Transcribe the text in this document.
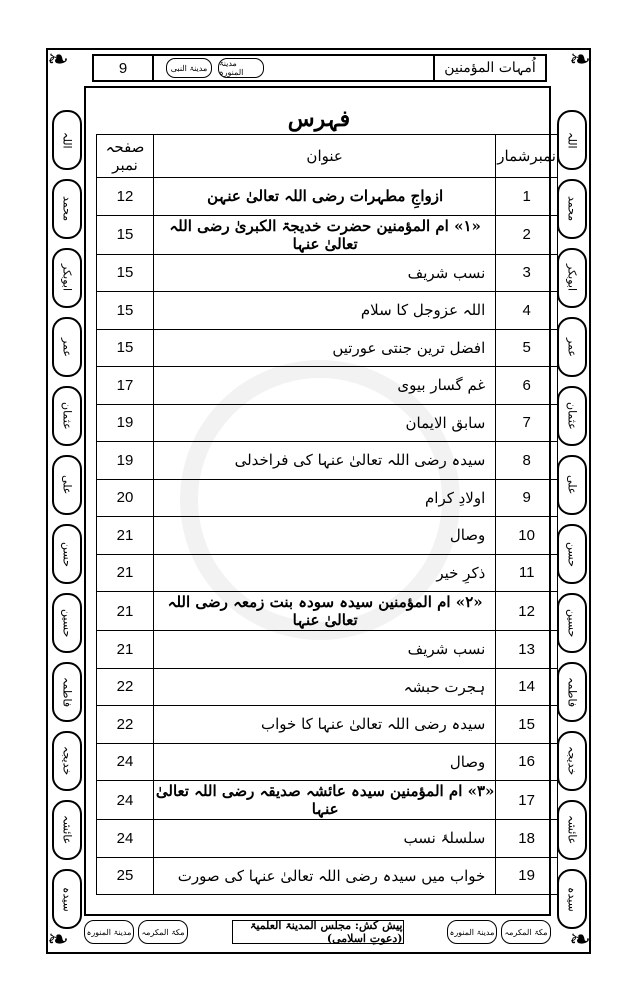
❧	❧
❧	❧
اللہ
محمد
ابوبکر
عمر
عثمان
علی
حسن
حسین
فاطمہ
خدیجہ
عائشہ
سیدہ
اللہ
محمد
ابوبکر
عمر
عثمان
علی
حسن
حسین
فاطمہ
خدیجہ
عائشہ
سیدہ
9	مدینۃ النبی	مدینۃ المنورہ	اُمہات المؤمنین
فہرس
نمبرشمار	عنوان	صفحہ نمبر
1	ازواجِ مطہرات رضی اللہ تعالیٰ عنہن	12
2	«۱» ام المؤمنین حضرت خدیجۃ الکبریٰ رضی اللہ تعالیٰ عنہا	15
3	نسب شریف	15
4	اللہ عزوجل کا سلام	15
5	افضل ترین جنتی عورتیں	15
6	غم گسار بیوی	17
7	سابق الایمان	19
8	سیدہ رضی اللہ تعالیٰ عنہا کی فراخدلی	19
9	اولادِ کرام	20
10	وصال	21
11	ذکرِ خیر	21
12	«۲» ام المؤمنین سیدہ سودہ بنت زمعہ رضی اللہ تعالیٰ عنہا	21
13	نسب شریف	21
14	ہجرت حبشہ	22
15	سیدہ رضی اللہ تعالیٰ عنہا کا خواب	22
16	وصال	24
17	«۳» ام المؤمنین سیدہ عائشہ صدیقہ رضی اللہ تعالیٰ عنہا	24
18	سلسلۂ نسب	24
19	خواب میں سیدہ رضی اللہ تعالیٰ عنہا کی صورت	25
مدینۃ المنورہ	مکۃ المکرمہ	پیش کش: مجلس المدینۃ العلمیۃ (دعوتِ اسلامی)	مدینۃ المنورہ	مکۃ المکرمہ
